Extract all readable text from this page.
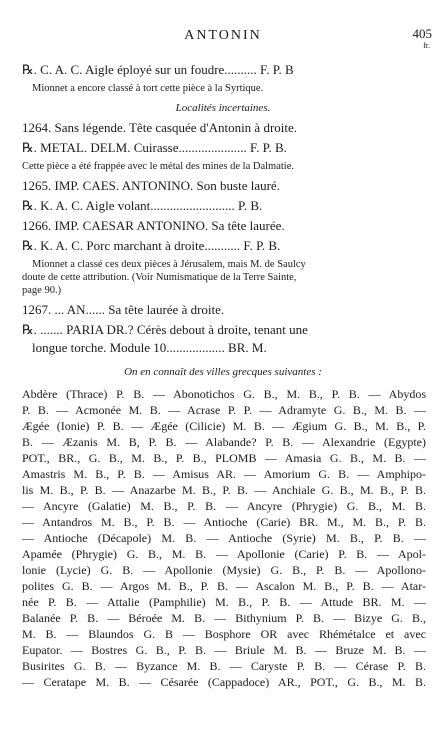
ANTONIN	405
fr.
℞. C. A. C. Aigle éployé sur un foudre.......... F. P. B
Mionnet a encore classé à tort cette pièce à la Syrtique.
Localités incertaines.
1264. Sans légende. Tête casquée d'Antonin à droite.
℞. METAL. DELM. Cuirasse..................... F. P. B.
Cette pièce a été frappée avec le métal des mines de la Dalmatie.
1265. IMP. CAES. ANTONINO. Son buste lauré.
℞. K. A. C. Aigle volant.......................... P. B.
1266. IMP. CAESAR ANTONINO. Sa tête laurée.
℞. K. A. C. Porc marchant à droite........... F. P. B.
Mionnet a classé ces deux pièces à Jérusalem, mais M. de Saulcy
doute de cette attribution. (Voir Numismatique de la Terre Sainte,
page 90.)
1267. ... AN...... Sa tête laurée à droite.
℞. ....... PARIA DR.? Cérès debout à droite, tenant une
longue torche. Module 10.................. BR. M.
On en connaît des villes grecques suivantes :
Abdère (Thrace) P. B. — Abonotichos G. B., M. B., P. B. — Abydos
P. B. — Acmonée M. B. — Acrase P. P. — Adramyte G. B., M. B. —
Ægée (Ionie) P. B. — Ægée (Cilicie) M. B. — Ægium G. B., M. B., P.
B. — Æzanis M. B, P. B. — Alabande? P. B. — Alexandrie (Egypte)
POT., BR., G. B., M. B., P. B., PLOMB — Amasia G. B., M. B. —
Amastris M. B., P. B. — Amisus AR. — Amorium G. B. — Amphipo-
lis M. B., P. B. — Anazarbe M. B., P. B. — Anchiale G. B., M. B., P. B.
— Ancyre (Galatie) M. B., P. B. — Ancyre (Phrygie) G. B., M. B.
— Antandros M. B., P. B. — Antioche (Carie) BR. M., M. B., P. B.
— Antioche (Décapole) M. B. — Antioche (Syrie) M. B., P. B. —
Apamée (Phrygie) G. B., M. B. — Apollonie (Carie) P. B. — Apol-
lonie (Lycie) G. B. — Apollonie (Mysie) G. B., P. B. — Apollono-
polites G. B. — Argos M. B., P. B. — Ascalon M. B., P. B. — Atar-
née P. B. — Attalie (Pamphilie) M. B., P. B. — Attude BR. M. —
Balanée P. B. — Béroée M. B. — Bithynium P. B. — Bizye G. B.,
M. B. — Blaundos G. B — Bosphore OR avec Rhémétalce et avec
Eupator. — Bostres G. B., P. B. — Briule M. B. — Bruze M. B. —
Busirites G. B. — Byzance M. B. — Caryste P. B. — Cérase P. B.
— Ceratape M. B. — Césarée (Cappadoce) AR., POT., G. B., M. B.
